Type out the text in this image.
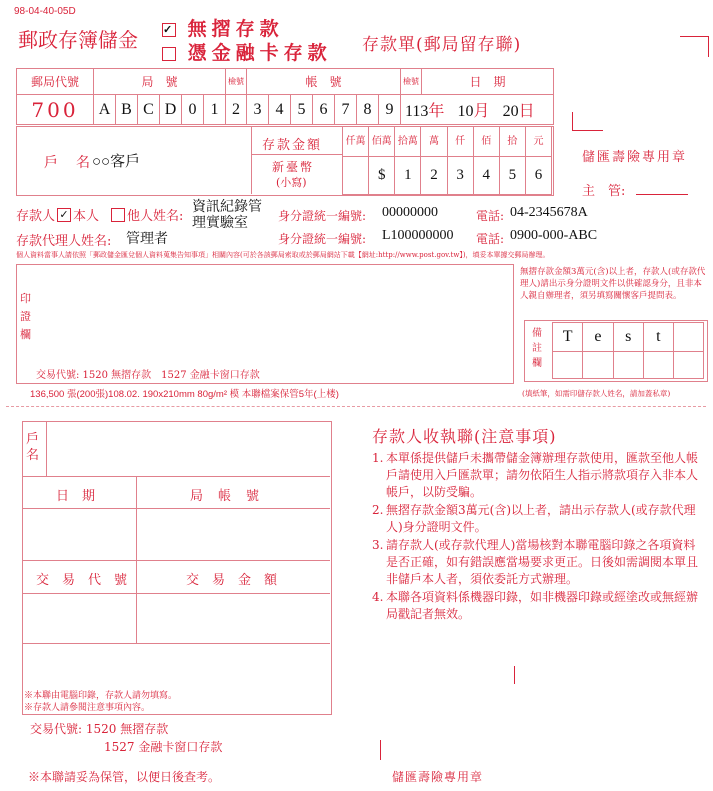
98-04-40-05D
郵政存簿儲金 ✓ 無摺存款
憑金融卡存款 存款單(郵局留存聯)
郵局代號	局　號						檢號	帳　號							檢號	日　期
700	A	B	C	D	0	1	2	3	4	5	6	7	8	9	113年 10月 20日	
戶　名 ○○客戶
存款金額
新臺幣
(小寫)
仟萬	佰萬	拾萬	萬	仟	佰	拾	元
	$	1	2	3	4	5	6
儲匯壽險專用章
主　管:
存款人 ✓ 本人 他人姓名:
資訊紀錄管理實驗室	身分證統一編號: 00000000	電話: 04-2345678A
存款代理人姓名: 管理者	身分證統一編號: L100000000 電話: 0900-000-ABC
個人資料當事人請依照「郵政儲金匯兌個人資料蒐集告知事項」相關內容(可於各該郵局索取或於郵局網站下載【網址:http://www.post.gov.tw】)，填妥本單據交郵局辦理。
印　證　欄
交易代號: 1520 無摺存款　1527 金融卡窗口存款
無摺存款金額3萬元(含)以上者，存款人(或存款代理人)請出示身分證明文件以供確認身分，且非本人親自辦理者，須另填寫關懷客戶提問表。
備註欄
T	e	s	t	

(填紙筆，如需印儲存款人姓名，請加蓋私章)
136,500 張(200張)108.02. 190x210mm 80g/m² 模 本聯檔案保管5年(上楼)
戶名
日　期	局　帳　號
交　易　代　號	交　易　金　額
※本聯由電腦印錄，存款人請勿填寫。
※存款人請參閱注意事項內容。
交易代號: 1520 無摺存款
1527 金融卡窗口存款
※本聯請妥為保管，以便日後查考。	儲匯壽險專用章
存款人收執聯(注意事項)
1. 本單係提供儲戶未攜帶儲金簿辦理存款使用，匯款至他人帳戶請使用入戶匯款單；請勿依陌生人指示將款項存入非本人帳戶，以防受騙。
2. 無摺存款金額3萬元(含)以上者，請出示存款人(或存款代理人)身分證明文件。
3. 請存款人(或存款代理人)當場核對本聯電腦印錄之各項資料是否正確，如有錯誤應當場要求更正。日後如需調閱本單且非儲戶本人者，須依委託方式辦理。
4. 本聯各項資料係機器印錄，如非機器印錄或經塗改或無經辦局戳記者無效。
